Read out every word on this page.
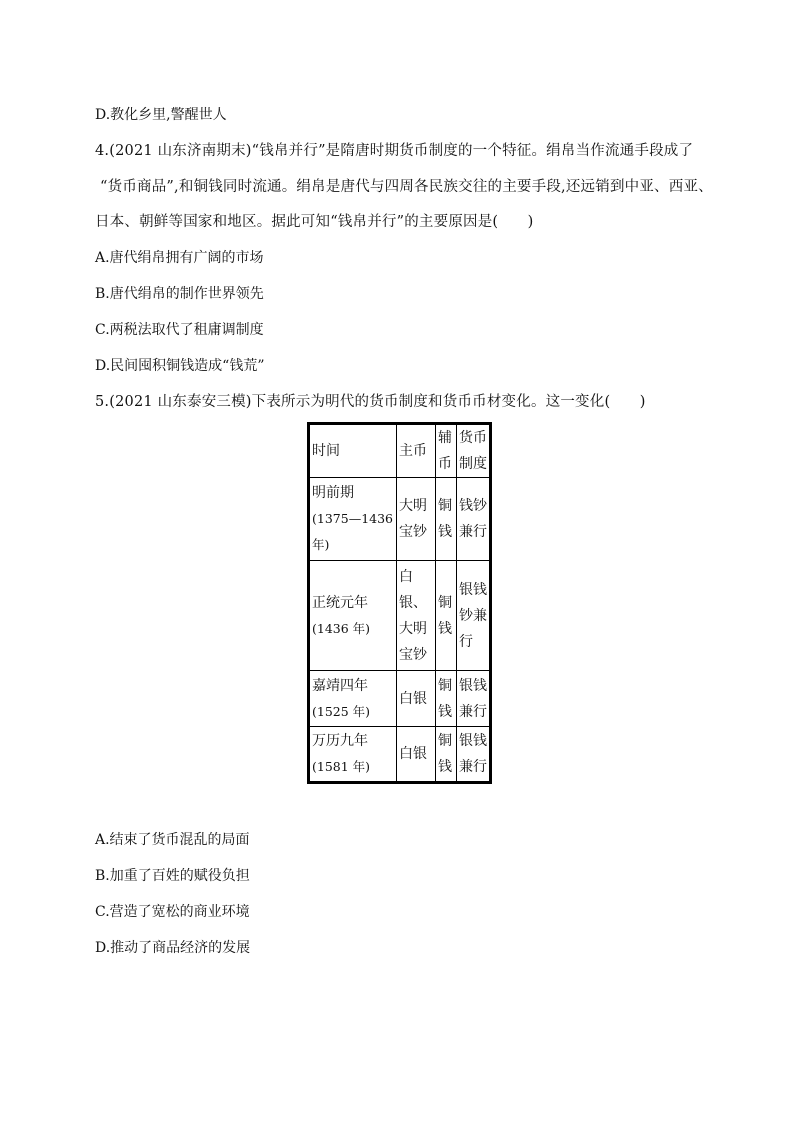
D.教化乡里,警醒世人
4.(2021 山东济南期末)“钱帛并行”是隋唐时期货币制度的一个特征。绢帛当作流通手段成了
“货币商品”,和铜钱同时流通。绢帛是唐代与四周各民族交往的主要手段,还远销到中亚、西亚、
日本、朝鲜等国家和地区。据此可知“钱帛并行”的主要原因是(　　)
A.唐代绢帛拥有广阔的市场
B.唐代绢帛的制作世界领先
C.两税法取代了租庸调制度
D.民间囤积铜钱造成“钱荒”
5.(2021 山东泰安三模)下表所示为明代的货币制度和货币币材变化。这一变化(　　)
时间	主币	辅币	货币制度
明前期
(1375—1436年)	大明宝钞	铜钱	钱钞兼行
正统元年
(1436 年)	白银、大明宝钞	铜钱	银钱钞兼行
嘉靖四年
(1525 年)	白银	铜钱	银钱兼行
万历九年
(1581 年)	白银	铜钱	银钱兼行
A.结束了货币混乱的局面
B.加重了百姓的赋役负担
C.营造了宽松的商业环境
D.推动了商品经济的发展
